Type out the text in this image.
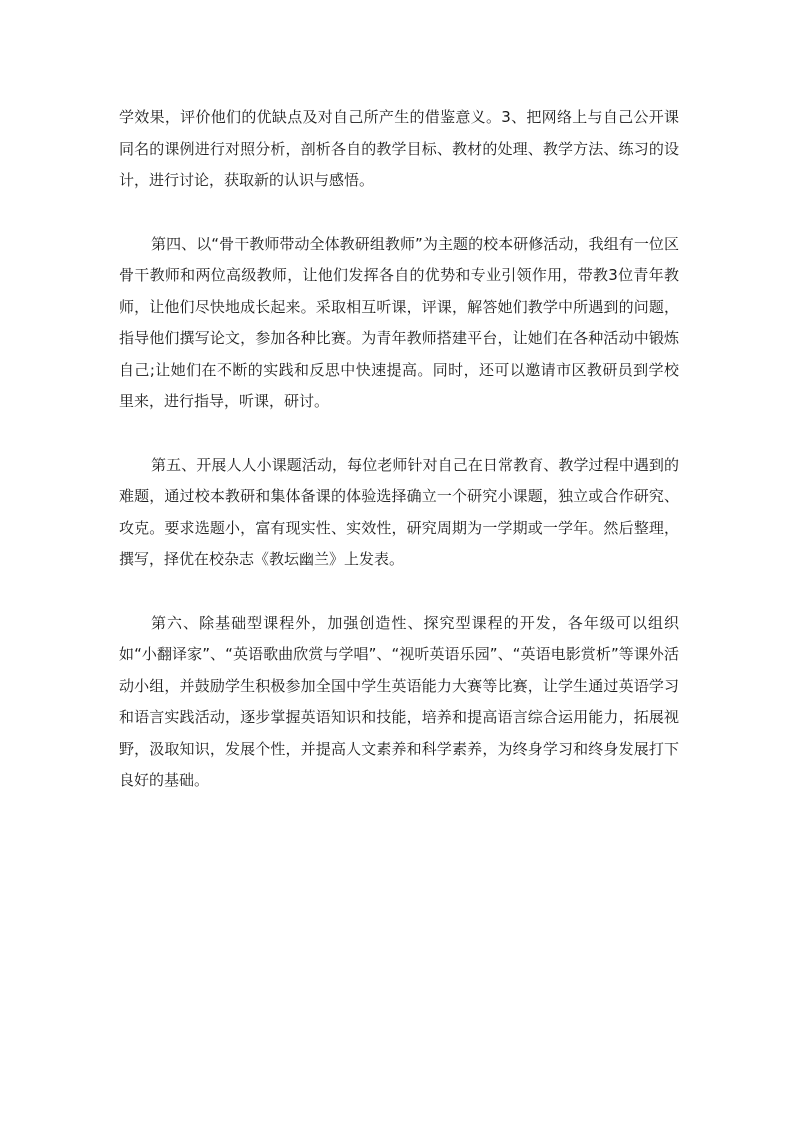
学效果，评价他们的优缺点及对自己所产生的借鉴意义。3、把网络上与自己公开课同名的课例进行对照分析，剖析各自的教学目标、教材的处理、教学方法、练习的设计，进行讨论，获取新的认识与感悟。

第四、以“骨干教师带动全体教研组教师”为主题的校本研修活动，我组有一位区骨干教师和两位高级教师，让他们发挥各自的优势和专业引领作用，带教3位青年教师，让他们尽快地成长起来。采取相互听课，评课，解答她们教学中所遇到的问题，指导他们撰写论文，参加各种比赛。为青年教师搭建平台，让她们在各种活动中锻炼自己;让她们在不断的实践和反思中快速提高。同时，还可以邀请市区教研员到学校里来，进行指导，听课，研讨。

第五、开展人人小课题活动，每位老师针对自己在日常教育、教学过程中遇到的难题，通过校本教研和集体备课的体验选择确立一个研究小课题，独立或合作研究、攻克。要求选题小，富有现实性、实效性，研究周期为一学期或一学年。然后整理，撰写，择优在校杂志《教坛幽兰》上发表。

第六、除基础型课程外，加强创造性、探究型课程的开发，各年级可以组织如“小翻译家”、“英语歌曲欣赏与学唱”、“视听英语乐园”、“英语电影赏析”等课外活动小组，并鼓励学生积极参加全国中学生英语能力大赛等比赛，让学生通过英语学习和语言实践活动，逐步掌握英语知识和技能，培养和提高语言综合运用能力，拓展视野，汲取知识，发展个性，并提高人文素养和科学素养，为终身学习和终身发展打下良好的基础。
